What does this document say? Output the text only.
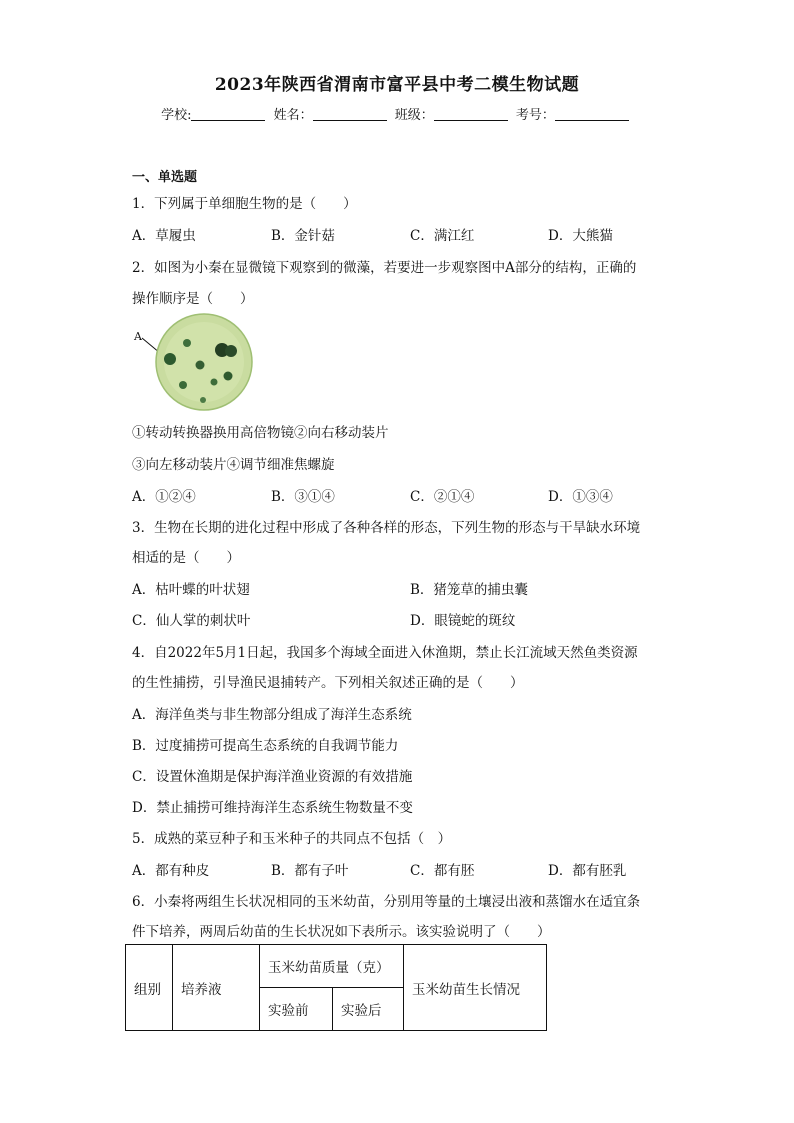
2023年陕西省渭南市富平县中考二模生物试题
学校:	姓名：	班级：	考号：
一、单选题
1．下列属于单细胞生物的是（　　）
A．草履虫	B．金针菇	C．满江红	D．大熊猫
2．如图为小秦在显微镜下观察到的微藻，若要进一步观察图中A部分的结构，正确的
操作顺序是（　　）
A
①转动转换器换用高倍物镜②向右移动装片
③向左移动装片④调节细准焦螺旋
A．①②④	B．③①④	C．②①④	D．①③④
3．生物在长期的进化过程中形成了各种各样的形态，下列生物的形态与干旱缺水环境
相适的是（　　）
A．枯叶蝶的叶状翅	B．猪笼草的捕虫囊
C．仙人掌的刺状叶	D．眼镜蛇的斑纹
4．自2022年5月1日起，我国多个海域全面进入休渔期，禁止长江流域天然鱼类资源
的生性捕捞，引导渔民退捕转产。下列相关叙述正确的是（　　）
A．海洋鱼类与非生物部分组成了海洋生态系统
B．过度捕捞可提高生态系统的自我调节能力
C．设置休渔期是保护海洋渔业资源的有效措施
D．禁止捕捞可维持海洋生态系统生物数量不变
5．成熟的菜豆种子和玉米种子的共同点不包括（　）
A．都有种皮	B．都有子叶	C．都有胚	D．都有胚乳
6．小秦将两组生长状况相同的玉米幼苗，分别用等量的土壤浸出液和蒸馏水在适宜条
件下培养，两周后幼苗的生长状况如下表所示。该实验说明了（　　）
组别	培养液	玉米幼苗质量（克）		玉米幼苗生长情况
		实验前	实验后	
